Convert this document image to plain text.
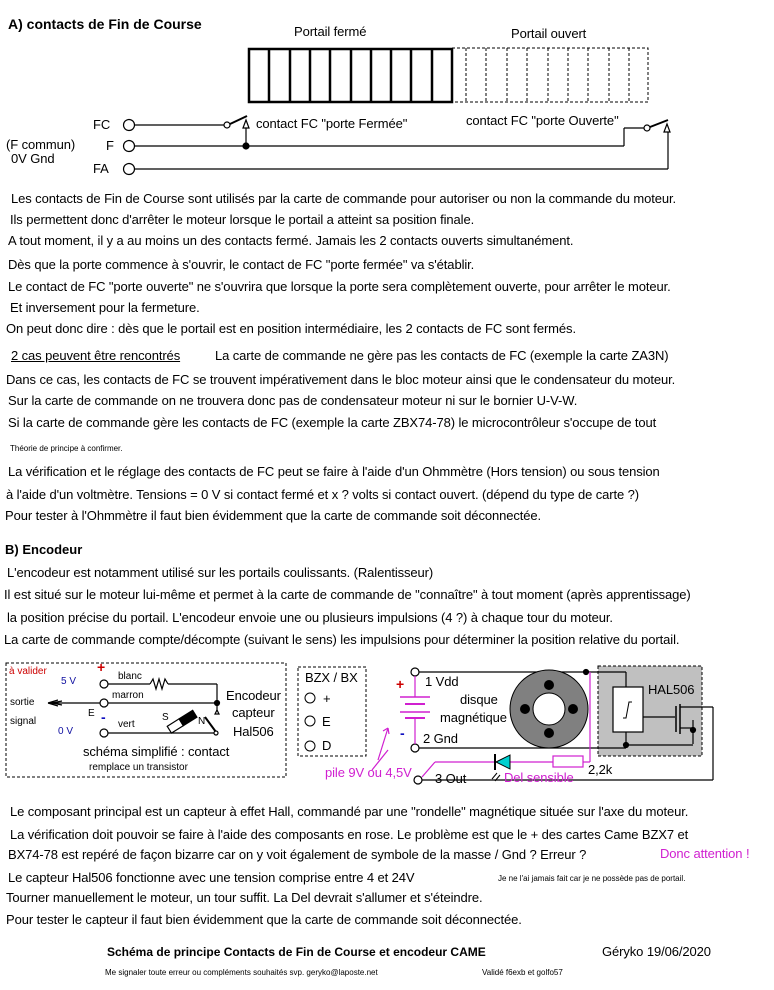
A) contacts de Fin de Course	Portail fermé	Portail ouvert
FC
F
FA
(F commun)
0V Gnd
contact FC "porte Fermée"	contact FC "porte Ouverte"
Les contacts de Fin de Course sont utilisés par la carte de commande pour autoriser ou non la commande du moteur.
Ils permettent donc d'arrêter le moteur lorsque le portail a atteint sa position finale.
A tout moment, il y a au moins un des contacts fermé. Jamais les 2 contacts ouverts simultanément.
Dès que la porte commence à s'ouvrir, le contact de FC "porte fermée" va s'établir.
Le contact de FC "porte ouverte" ne s'ouvrira que lorsque la porte sera complètement ouverte, pour arrêter le moteur.
Et inversement pour la fermeture.
On peut donc dire : dès que le portail est en position intermédiaire, les 2 contacts de FC sont fermés.
2 cas peuvent être rencontrés	La carte de commande ne gère pas les contacts de FC (exemple la carte ZA3N)
Dans ce cas, les contacts de FC se trouvent impérativement dans le bloc moteur ainsi que le condensateur du moteur.
Sur la carte de commande on ne trouvera donc pas de condensateur moteur ni sur le bornier U-V-W.
Si la carte de commande gère les contacts de FC (exemple la carte ZBX74-78) le microcontrôleur s'occupe de tout
Théorie de principe à confirmer.
La vérification et le réglage des contacts de FC peut se faire à l'aide d'un Ohmmètre (Hors tension) ou sous tension
à l'aide d'un voltmètre. Tensions = 0 V si contact fermé et x ? volts si contact ouvert. (dépend du type de carte ?)
Pour tester à l'Ohmmètre il faut bien évidemment que la carte de commande soit déconnectée.
B) Encodeur
L'encodeur est notamment utilisé sur les portails coulissants. (Ralentisseur)
Il est situé sur le moteur lui-même et permet à la carte de commande de "connaître" à tout moment (après apprentissage)
la position précise du portail. L'encodeur envoie une ou plusieurs impulsions (4 ?) à chaque tour du moteur.
La carte de commande compte/décompte (suivant le sens) les impulsions pour déterminer la position relative du portail.
à valider
5 V
+
blanc
marron
sortie
signal
E - vert
0 V
S	N
Encodeur
capteur
Hal506
schéma simplifié : contact
remplace un transistor
BZX / BX
+
E
D
+
-
1 Vdd
2 Gnd
3 Out
disque
magnétique
HAL506
2,2k
Del sensible
pile 9V ou 4,5V
Le composant principal est un capteur à effet Hall, commandé par une "rondelle" magnétique située sur l'axe du moteur.
La vérification doit pouvoir se faire à l'aide des composants en rose. Le problème est que le + des cartes Came BZX7 et
BX74-78 est repéré de façon bizarre car on y voit également de symbole de la masse / Gnd ? Erreur ?	Donc attention !
Le capteur Hal506 fonctionne avec une tension comprise entre 4 et 24V	Je ne l'ai jamais fait car je ne possède pas de portail.
Tourner manuellement le moteur, un tour suffit. La Del devrait s'allumer et s'éteindre.
Pour tester le capteur il faut bien évidemment que la carte de commande soit déconnectée.
Schéma de principe Contacts de Fin de Course et encodeur CAME	Géryko 19/06/2020
Me signaler toute erreur ou compléments souhaités svp. geryko@laposte.net	Validé f6exb et golfo57
